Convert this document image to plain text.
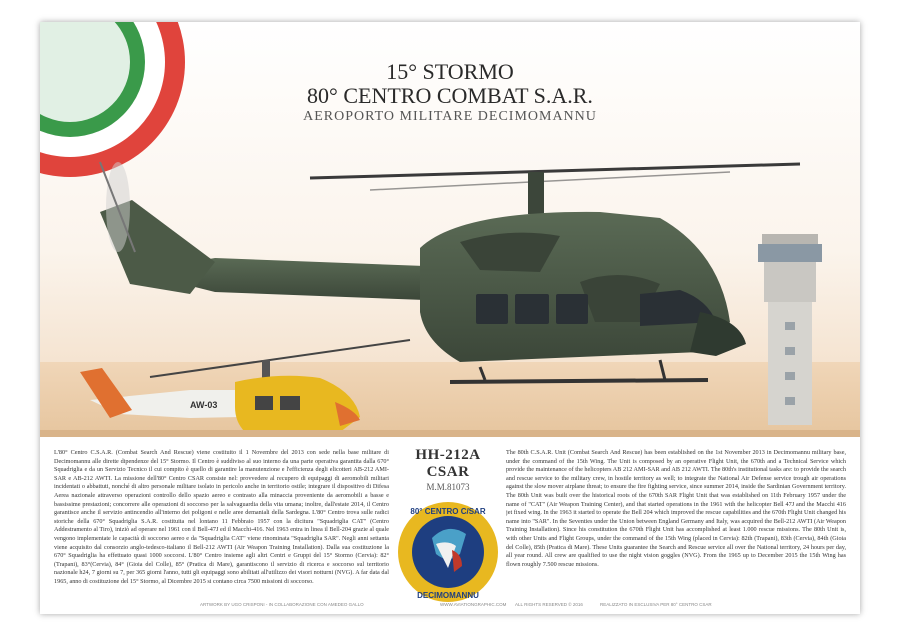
AW-03
15° STORMO
80° CENTRO COMBAT S.A.R.
AEROPORTO MILITARE DECIMOMANNU
L'80° Centro C.S.A.R. (Combat Search And Rescue) viene costituito il 1 Novembre del 2013 con sede nella base militare di Decimomannu alle dirette dipendenze del 15° Stormo. Il Centro è suddiviso al suo interno da una parte operativa garantita dalla 670° Squadriglia e da un Servizio Tecnico il cui compito è quello di garantire la manutenzione e l'efficienza degli elicotteri AB-212 AMI-SAR e AB-212 AWTI. La missione dell'80° Centro CSAR consiste nel: provvedere al recupero di equipaggi di aeromobili militari incidentati o abbattuti, nonché di altro personale militare isolato in pericolo anche in territorio ostile; integrare il dispositivo di Difesa Aerea nazionale attraverso operazioni controllo dello spazio aereo e contrasto alla minaccia proveniente da aeromobili a basse e bassissime prestazioni; concorrere alle operazioni di soccorso per la salvaguardia della vita umana; inoltre, dall'estate 2014, il Centro garantisce anche il servizio antincendio all'interno dei poligoni e nelle aree demaniali della Sardegna. L'80° Centro trova sulle radici storiche della 670° Squadriglia S.A.R. costituita nel lontano 11 Febbraio 1957 con la dicitura "Squadriglia CAT" (Centro Addestramento al Tiro), iniziò ad operare nel 1961 con il Bell-47J ed il Macchi-416. Nel 1963 entra in linea il Bell-204 grazie al quale vengono implementate le capacità di soccorso aereo e da "Squadriglia CAT" viene rinominata "Squadriglia SAR". Negli anni settanta viene acquisito dal consorzio anglo-tedesco-italiano il Bell-212 AWTI (Air Weapon Training Installation). Dalla sua costituzione la 670° Squadriglia ha effettuato quasi 1000 soccorsi. L'80° Centro insieme agli altri Centri e Gruppi del 15° Stormo (Cervia): 82° (Trapani), 83°(Cervia), 84° (Gioia del Colle), 85° (Pratica di Mare), garantiscono il servizio di ricerca e soccorso sul territorio nazionale h24, 7 giorni su 7, per 365 giorni l'anno, tutti gli equipaggi sono abilitati all'utilizzo dei visori notturni (NVG). A far data dal 1965, anno di costituzione del 15° Stormo, al Dicembre 2015 si contano circa 7500 missioni di soccorso.
HH-212A CSAR
M.M.81073
80° CENTRO C/SAR
DECIMOMANNU
The 80th C.S.A.R. Unit (Combat Search And Rescue) has been established on the 1st November 2013 in Decimomannu military base, under the command of the 15th Wing. The Unit is composed by an operative Flight Unit, the 670th and a Technical Service which provide the maintenance of the helicopters AB 212 AMI-SAR and AB 212 AWTI. The 80th's institutional tasks are: to provide the search and rescue service to the military crew, in hostile territory as well; to integrate the National Air Defense service trough air operations against the slow mover airplane threat; to ensure the fire fighting service, since summer 2014, inside the Sardinian Government territory. The 80th Unit was built over the historical roots of the 670th SAR Flight Unit that was established on 11th February 1957 under the name of "CAT" (Air Weapon Training Center), and that started operations in the 1961 with the helicopter Bell 47J and the Macchi 416 jet fixed wing. In the 1963 it started to operate the Bell 204 which improved the rescue capabilities and the 670th Flight Unit changed his name into "SAR". In the Seventies under the Union between England Germany and Italy, was acquired the Bell-212 AWTI (Air Weapon Training Installation). Since his constitution the 670th Flight Unit has accomplished at least 1.000 rescue missions. The 80th Unit is, with other Units and Flight Groups, under the command of the 15th Wing (placed in Cervia): 82th (Trapani), 83th (Cervia), 84th (Gioia del Colle), 85th (Pratica di Mare). These Units guarantee the Search and Rescue service all over the National territory, 24 hours per day, all year round. All crew are qualified to use the night vision goggles (NVG). From the 1965 up to December 2015 the 15th Wing has flown roughly 7.500 rescue missions.
ARTWORK BY UGO CRISPONI - IN COLLABORAZIONE CON AMEDEO GALLO	WWW.AVIATIONGRAPHIC.COM ALL RIGHTS RESERVED © 2016	REALIZZATO IN ESCLUSIVA PER 80° CENTRO CSAR
